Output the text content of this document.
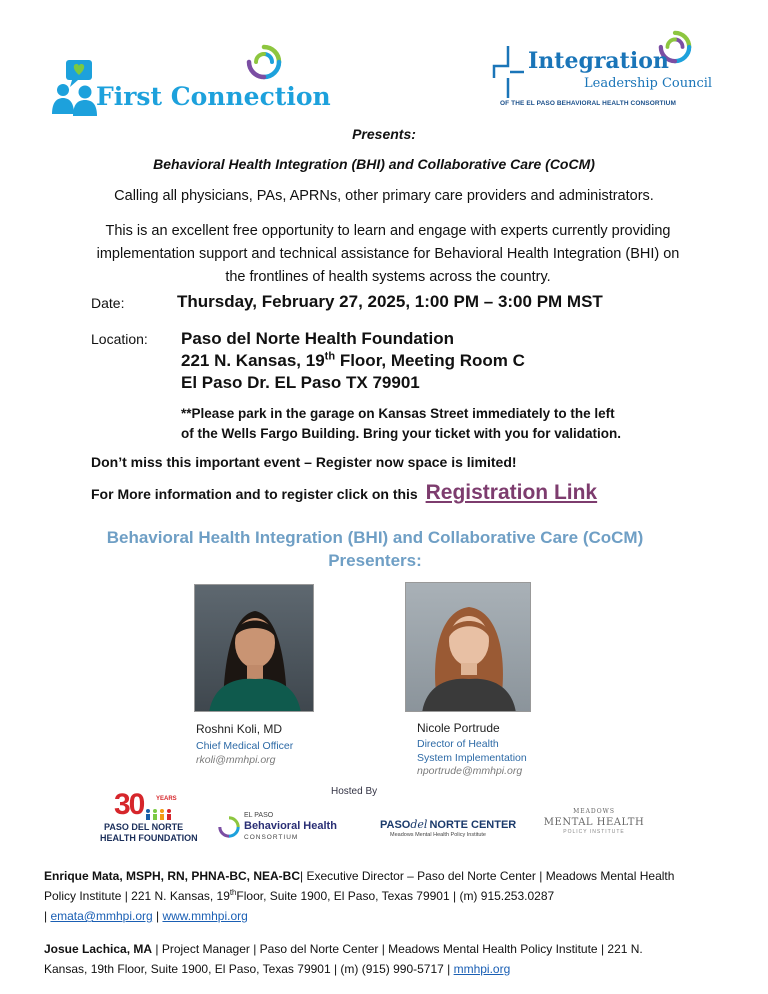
First Connection
Integration
Leadership Council
OF THE EL PASO BEHAVIORAL HEALTH CONSORTIUM
Presents:
Behavioral Health Integration (BHI) and Collaborative Care (CoCM)
Calling all physicians, PAs, APRNs, other primary care providers and administrators.
This is an excellent free opportunity to learn and engage with experts currently providing
implementation support and technical assistance for Behavioral Health Integration (BHI) on
the frontlines of health systems across the country.
Date:	Thursday, February 27, 2025, 1:00 PM – 3:00 PM MST
Location: Paso del Norte Health Foundation
221 N. Kansas, 19th Floor, Meeting Room C
El Paso Dr. EL Paso TX 79901
**Please park in the garage on Kansas Street immediately to the left
of the Wells Fargo Building. Bring your ticket with you for validation.
Don’t miss this important event – Register now space is limited!
For More information and to register click on this Registration Link
Behavioral Health Integration (BHI) and Collaborative Care (CoCM)
Presenters:
Roshni Koli, MD
Chief Medical Officer
rkoli@mmhpi.org
Nicole Portrude
Director of Health
System Implementation
nportrude@mmhpi.org
Hosted By
30 YEARS
PASO DEL NORTE
HEALTH FOUNDATION
EL PASO
Behavioral Health
CONSORTIUM
PASOdel NORTE CENTER
Meadows Mental Health Policy Institute
MEADOWS
MENTAL HEALTH
POLICY INSTITUTE
Enrique Mata, MSPH, RN, PHNA-BC, NEA-BC| Executive Director – Paso del Norte Center | Meadows Mental Health
Policy Institute | 221 N. Kansas, 19thFloor, Suite 1900, El Paso, Texas 79901 | (m) 915.253.0287
| emata@mmhpi.org | www.mmhpi.org
Josue Lachica, MA | Project Manager | Paso del Norte Center | Meadows Mental Health Policy Institute | 221 N.
Kansas, 19th Floor, Suite 1900, El Paso, Texas 79901 | (m) (915) 990-5717 | mmhpi.org
